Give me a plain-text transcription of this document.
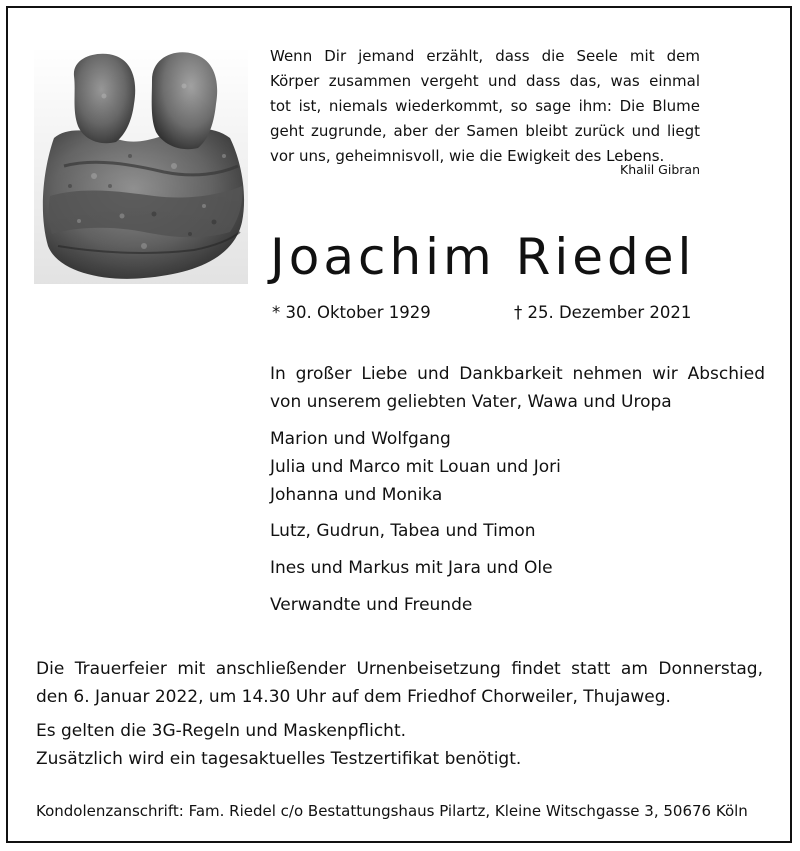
Wenn Dir jemand erzählt, dass die Seele mit dem
Körper zusammen vergeht und dass das, was einmal
tot ist, niemals wiederkommt, so sage ihm: Die Blume
geht zugrunde, aber der Samen bleibt zurück und liegt
vor uns, geheimnisvoll, wie die Ewigkeit des Lebens.
Khalil Gibran
Joachim Riedel
* 30. Oktober 1929	† 25. Dezember 2021
In großer Liebe und Dankbarkeit nehmen wir Abschied
von unserem geliebten Vater, Wawa und Uropa
Marion und Wolfgang
Julia und Marco mit Louan und Jori
Johanna und Monika
Lutz, Gudrun, Tabea und Timon
Ines und Markus mit Jara und Ole
Verwandte und Freunde
Die Trauerfeier mit anschließender Urnenbeisetzung findet statt am Donnerstag,
den 6. Januar 2022, um 14.30 Uhr auf dem Friedhof Chorweiler, Thujaweg.
Es gelten die 3G-Regeln und Maskenpflicht.
Zusätzlich wird ein tagesaktuelles Testzertifikat benötigt.
Kondolenzanschrift: Fam. Riedel c/o Bestattungshaus Pilartz, Kleine Witschgasse 3, 50676 Köln
